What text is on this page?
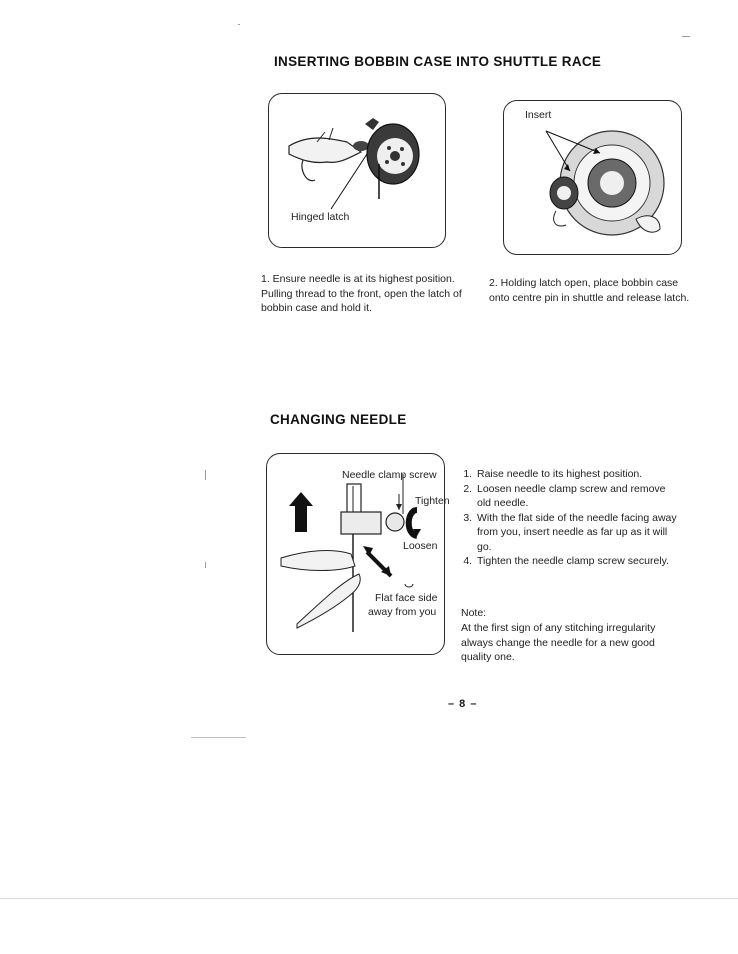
INSERTING BOBBIN CASE INTO SHUTTLE RACE
Hinged latch
Insert
1. Ensure needle is at its highest position. Pulling thread to the front, open the latch of bobbin case and hold it.
2. Holding latch open, place bobbin case onto centre pin in shuttle and release latch.
CHANGING NEEDLE
Needle clamp screw
Tighten
Loosen
Flat face side
away from you
1. Raise needle to its highest position.
2. Loosen needle clamp screw and remove old needle.
3. With the flat side of the needle facing away from you, insert needle as far up as it will go.
4. Tighten the needle clamp screw securely.
Note:
At the first sign of any stitching irregularity always change the needle for a new good quality one.
– 8 –
